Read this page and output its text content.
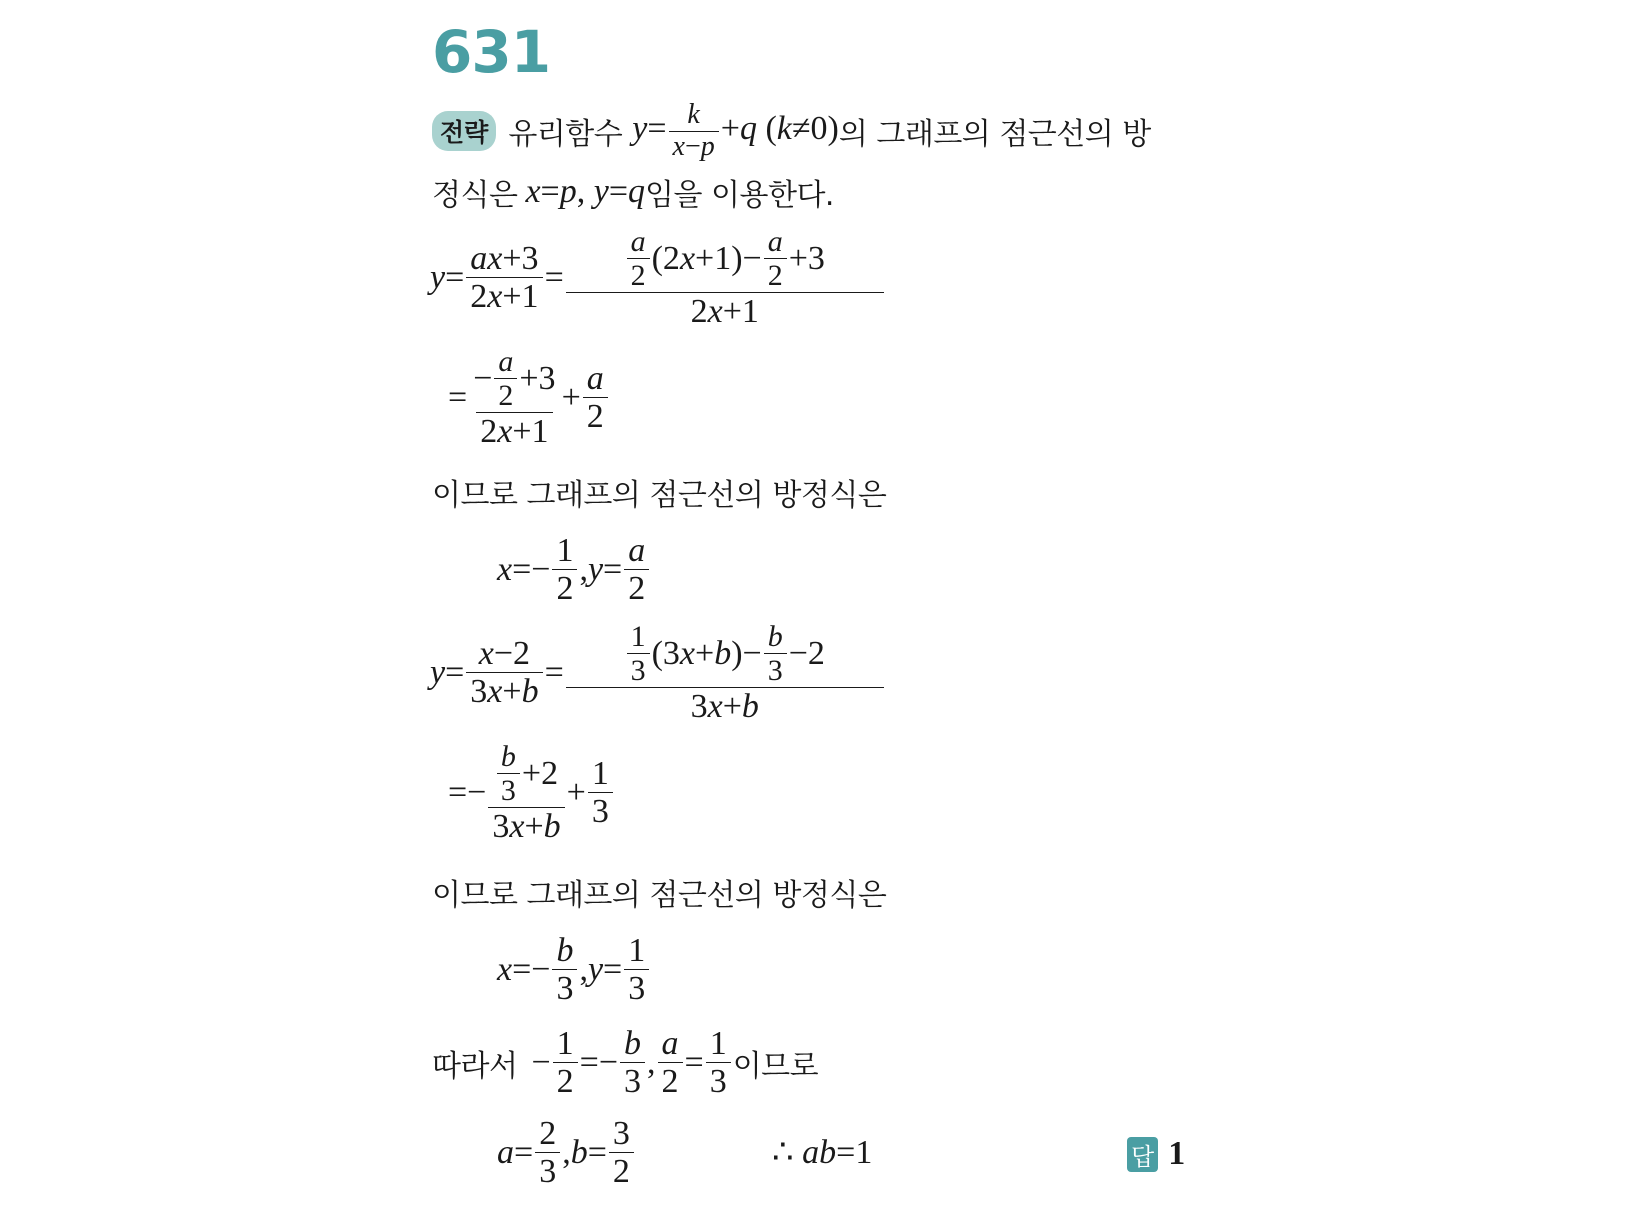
631
전략 유리함수 $y= \frac{k}{x-p} +q$ (k≠0) 의 그래프의 점근선의 방
정식은 x=p, y=q 임을 이용한다.
$y = \frac{ax+3}{2x+1} = \frac{\frac{a}{2} (2 x +1)- \frac{a}{2} +3}{2x+1}$
= $\frac{- \frac{a}{2} +3}{2x+1} + \frac{a}{2}$
이므로 그래프의 점근선의 방정식은
$x =- \frac{1}{2}$ , $y = \frac{a}{2}$
$y = \frac{x-2}{3x+b} = \frac{\frac{1}{3} (3 x + b )- \frac{b}{3} -2}{3x+b}$
=− $\frac{\frac{b}{3} +2}{3x+b} + \frac{1}{3}$
이므로 그래프의 점근선의 방정식은
$x =- \frac{b}{3}$ , $y = \frac{1}{3}$
따라서 − $\frac{1}{2} =- \frac{b}{3}$ , $\frac{a}{2} = \frac{1}{3}$ 이므로
$a = \frac{2}{3}$ , $b = \frac{3}{2}$	∴ ab=1	답 1
